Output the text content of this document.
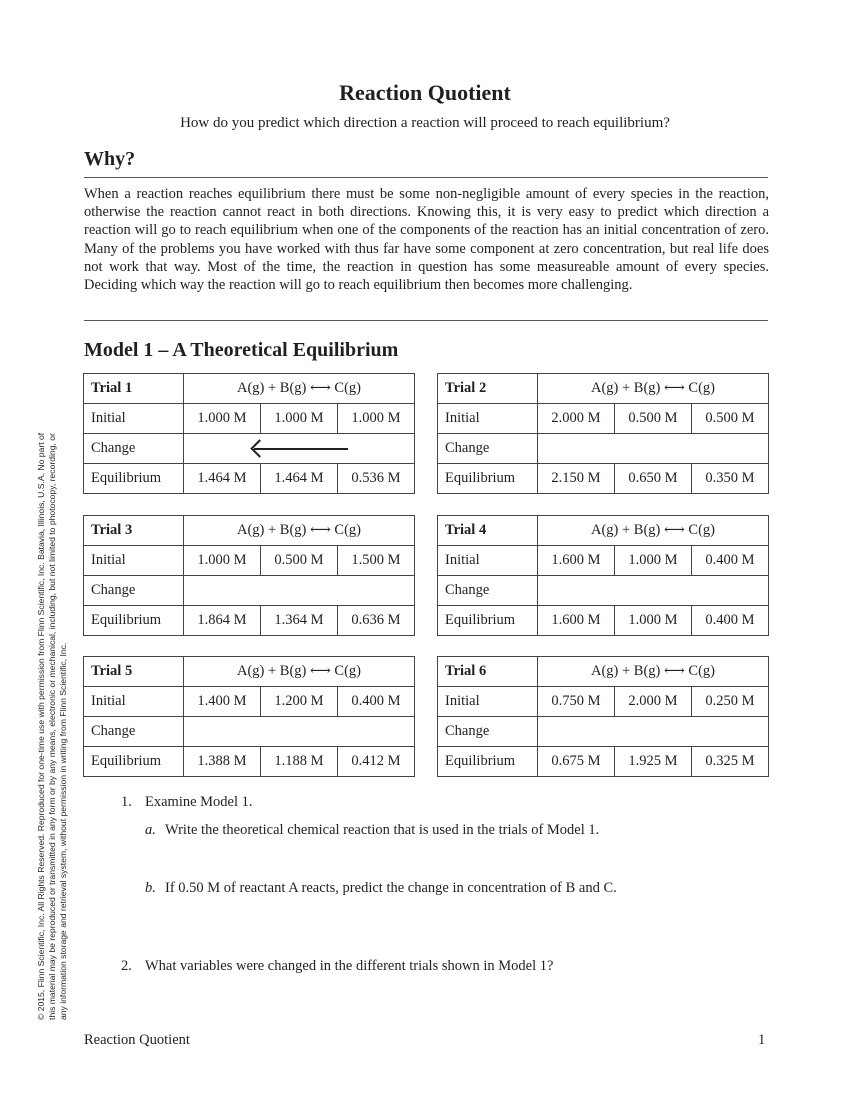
Reaction Quotient
How do you predict which direction a reaction will proceed to reach equilibrium?
Why?

When a reaction reaches equilibrium there must be some non-negligible amount of every species in the reaction, otherwise the reaction cannot react in both directions. Knowing this, it is very easy to predict which direction a reaction will go to reach equilibrium when one of the components of the reaction has an initial concentration of zero. Many of the problems you have worked with thus far have some component at zero concentration, but real life does not work that way. Most of the time, the reaction in question has some measureable amount of every species. Deciding which way the reaction will go to reach equilibrium then becomes more challenging.

Model 1 – A Theoretical Equilibrium
Trial 1	A(g) + B(g) ⟷ C(g)		
Initial	1.000 M	1.000 M	1.000 M
Change			

Equilibrium	1.464 M	1.464 M	0.536 M
Trial 2	A(g) + B(g) ⟷ C(g)		
Initial	2.000 M	0.500 M	0.500 M
Change			
Equilibrium	2.150 M	0.650 M	0.350 M
Trial 3	A(g) + B(g) ⟷ C(g)		
Initial	1.000 M	0.500 M	1.500 M
Change			
Equilibrium	1.864 M	1.364 M	0.636 M
Trial 4	A(g) + B(g) ⟷ C(g)		
Initial	1.600 M	1.000 M	0.400 M
Change			
Equilibrium	1.600 M	1.000 M	0.400 M
Trial 5	A(g) + B(g) ⟷ C(g)		
Initial	1.400 M	1.200 M	0.400 M
Change			
Equilibrium	1.388 M	1.188 M	0.412 M
Trial 6	A(g) + B(g) ⟷ C(g)		
Initial	0.750 M	2.000 M	0.250 M
Change			
Equilibrium	0.675 M	1.925 M	0.325 M
1. Examine Model 1.
a. Write the theoretical chemical reaction that is used in the trials of Model 1.
b. If 0.50 M of reactant A reacts, predict the change in concentration of B and C.
2. What variables were changed in the different trials shown in Model 1?
Reaction Quotient	1
© 2015, Flinn Scientific, Inc. All Rights Reserved. Reproduced for one-time use with permission from Flinn Scientific, Inc. Batavia, Illinois, U.S.A. No part of this material may be reproduced or transmitted in any form or by any means, electronic or mechanical, including, but not limited to photocopy, recording, or any information storage and retrieval system, without permission in writing from Flinn Scientific, Inc.
